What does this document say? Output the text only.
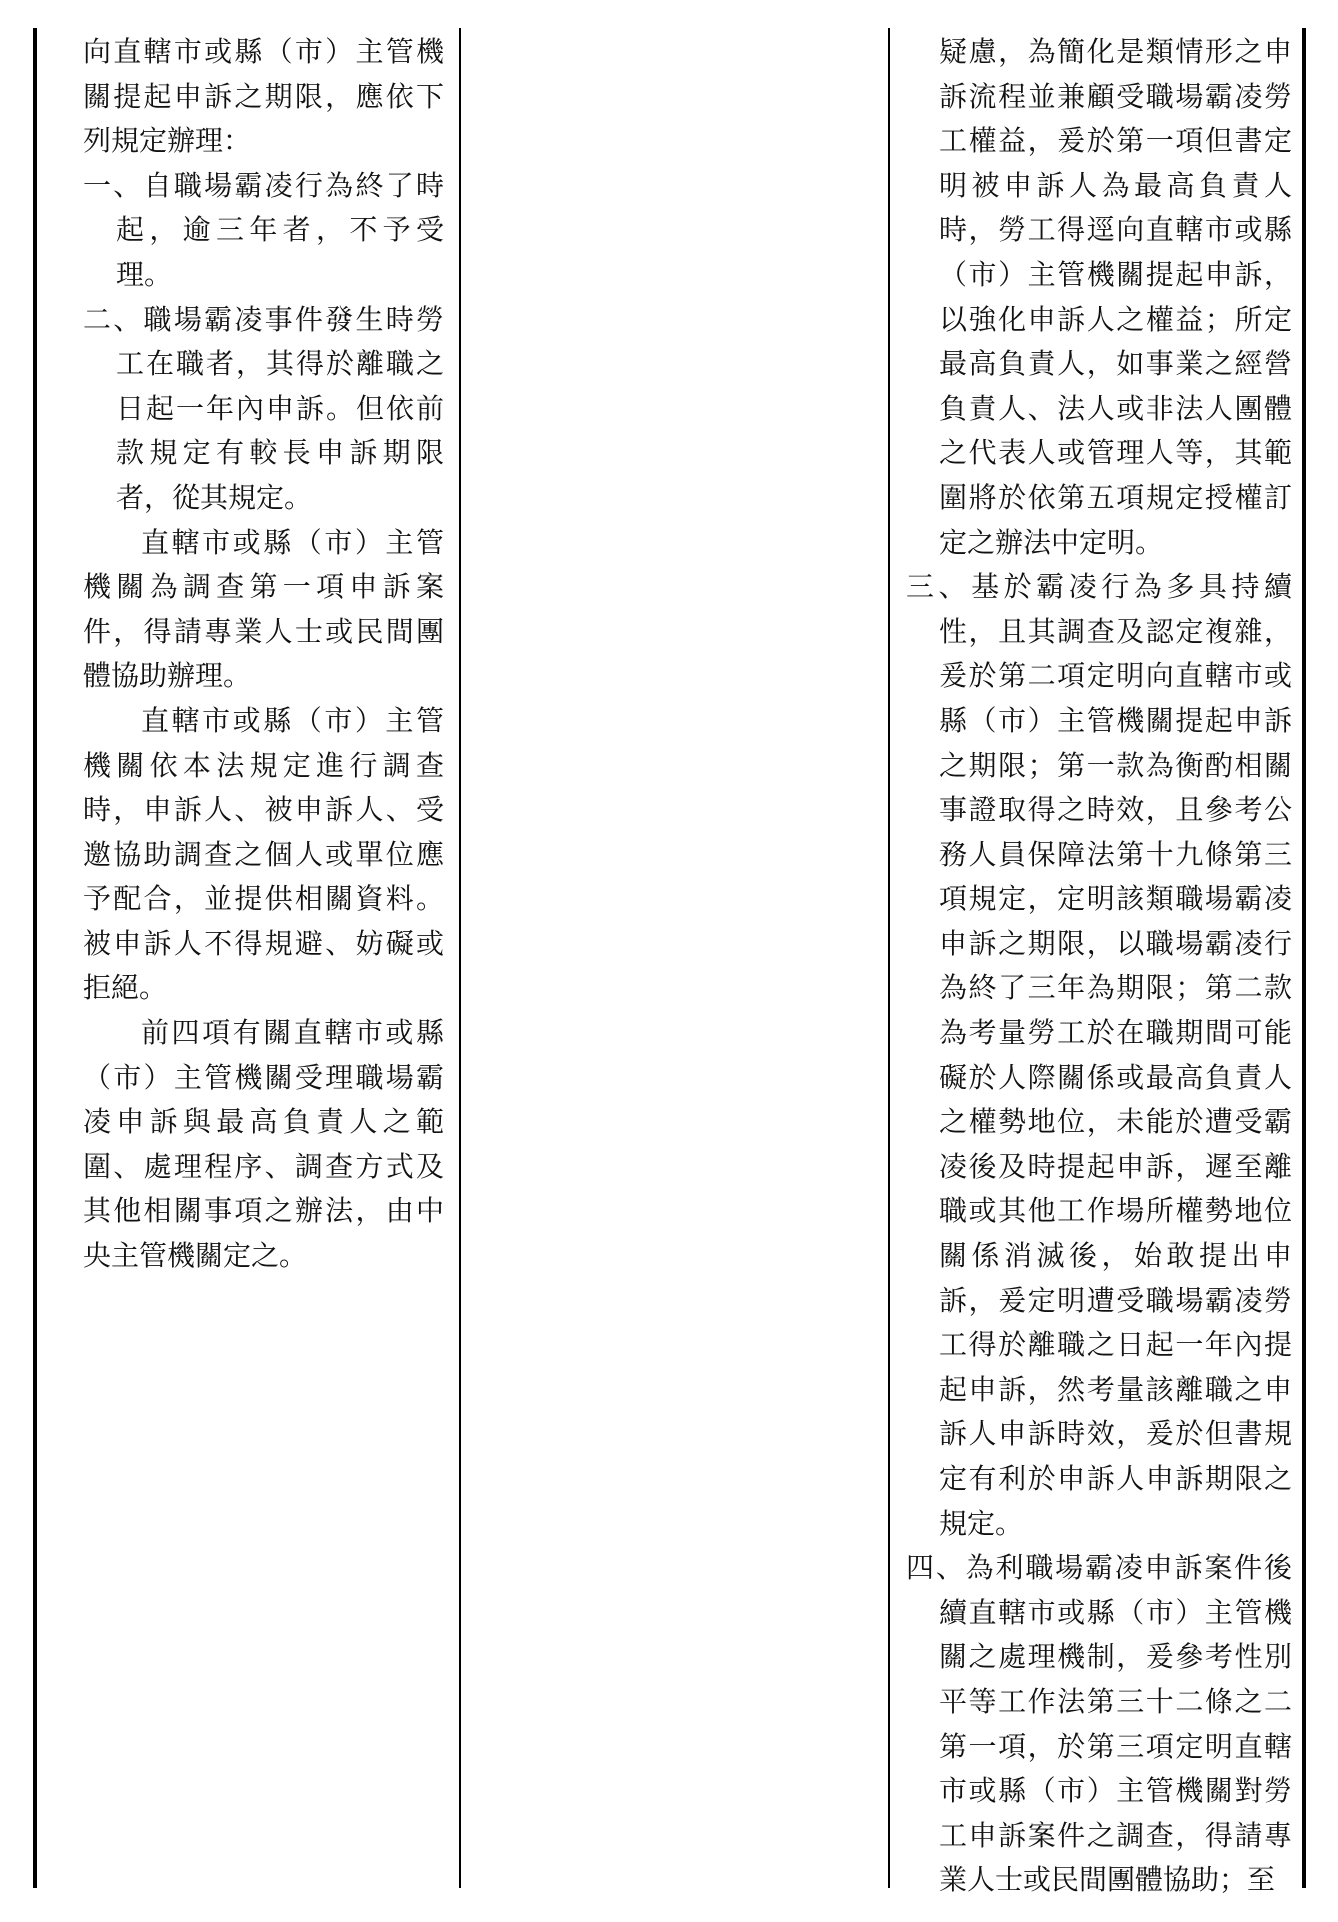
向直轄市或縣（市）主管機關提起申訴之期限，應依下列規定辦理：

一、自職場霸凌行為終了時起，逾三年者，不予受理。

二、職場霸凌事件發生時勞工在職者，其得於離職之日起一年內申訴。但依前款規定有較長申訴期限者，從其規定。

直轄市或縣（市）主管機關為調查第一項申訴案件，得請專業人士或民間團體協助辦理。

直轄市或縣（市）主管機關依本法規定進行調查時，申訴人、被申訴人、受邀協助調查之個人或單位應予配合，並提供相關資料。被申訴人不得規避、妨礙或拒絕。

前四項有關直轄市或縣（市）主管機關受理職場霸凌申訴與最高負責人之範圍、處理程序、調查方式及其他相關事項之辦法，由中央主管機關定之。

疑慮，為簡化是類情形之申訴流程並兼顧受職場霸凌勞工權益，爰於第一項但書定明被申訴人為最高負責人時，勞工得逕向直轄市或縣（市）主管機關提起申訴，以強化申訴人之權益；所定最高負責人，如事業之經營負責人、法人或非法人團體之代表人或管理人等，其範圍將於依第五項規定授權訂定之辦法中定明。

三、基於霸凌行為多具持續性，且其調查及認定複雜，爰於第二項定明向直轄市或縣（市）主管機關提起申訴之期限；第一款為衡酌相關事證取得之時效，且參考公務人員保障法第十九條第三項規定，定明該類職場霸凌申訴之期限，以職場霸凌行為終了三年為期限；第二款為考量勞工於在職期間可能礙於人際關係或最高負責人之權勢地位，未能於遭受霸凌後及時提起申訴，遲至離職或其他工作場所權勢地位關係消滅後，始敢提出申訴，爰定明遭受職場霸凌勞工得於離職之日起一年內提起申訴，然考量該離職之申訴人申訴時效，爰於但書規定有利於申訴人申訴期限之規定。

四、為利職場霸凌申訴案件後續直轄市或縣（市）主管機關之處理機制，爰參考性別平等工作法第三十二條之二第一項，於第三項定明直轄市或縣（市）主管機關對勞工申訴案件之調查，得請專業人士或民間團體協助；至
